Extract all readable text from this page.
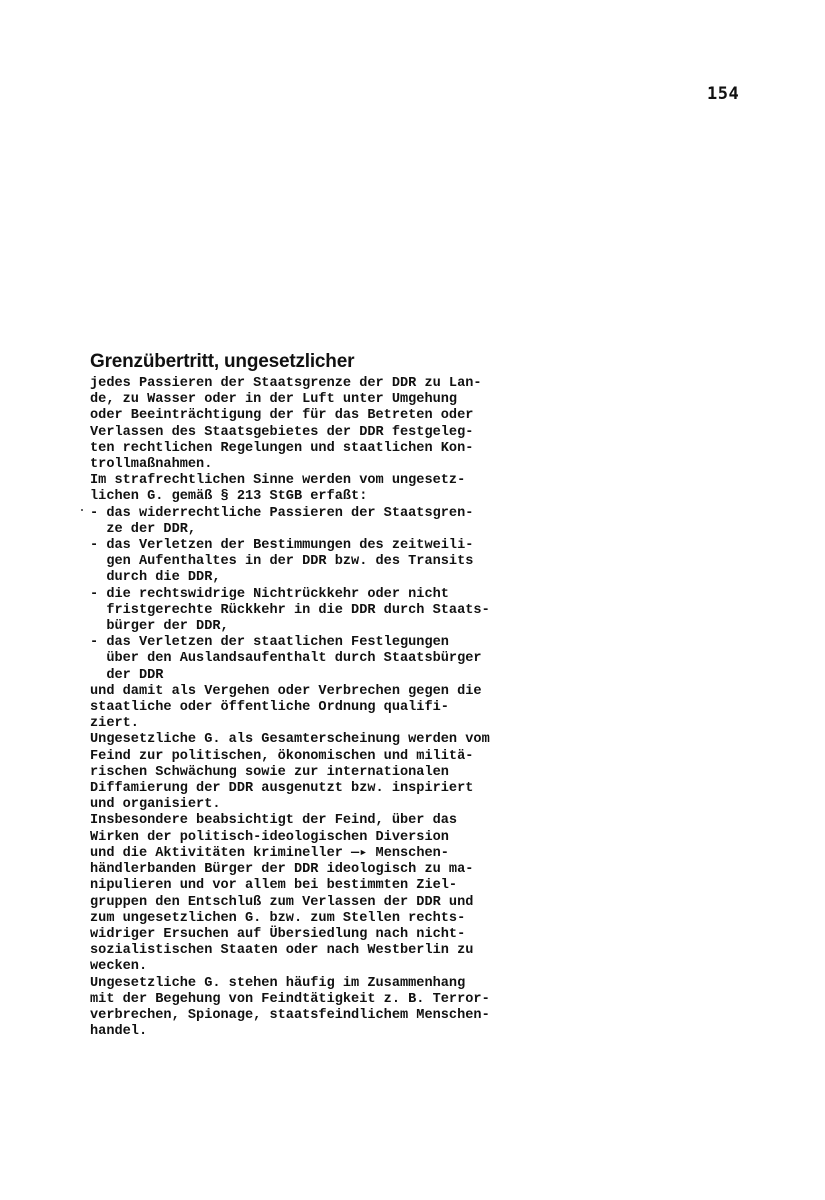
154
Grenzübertritt, ungesetzlicher
jedes Passieren der Staatsgrenze der DDR zu Lan-
de, zu Wasser oder in der Luft unter Umgehung
oder Beeinträchtigung der für das Betreten oder
Verlassen des Staatsgebietes der DDR festgeleg-
ten rechtlichen Regelungen und staatlichen Kon-
trollmaßnahmen.
Im strafrechtlichen Sinne werden vom ungesetz-
lichen G. gemäß § 213 StGB erfaßt:
- das widerrechtliche Passieren der Staatsgren-
ze der DDR,
- das Verletzen der Bestimmungen des zeitweili-
gen Aufenthaltes in der DDR bzw. des Transits
durch die DDR,
- die rechtswidrige Nichtrückkehr oder nicht
fristgerechte Rückkehr in die DDR durch Staats-
bürger der DDR,
- das Verletzen der staatlichen Festlegungen
über den Auslandsaufenthalt durch Staatsbürger
der DDR
und damit als Vergehen oder Verbrechen gegen die
staatliche oder öffentliche Ordnung qualifi-
ziert.
Ungesetzliche G. als Gesamterscheinung werden vom
Feind zur politischen, ökonomischen und militä-
rischen Schwächung sowie zur internationalen
Diffamierung der DDR ausgenutzt bzw. inspiriert
und organisiert.
Insbesondere beabsichtigt der Feind, über das
Wirken der politisch-ideologischen Diversion
und die Aktivitäten krimineller —▸ Menschen-
händlerbanden Bürger der DDR ideologisch zu ma-
nipulieren und vor allem bei bestimmten Ziel-
gruppen den Entschluß zum Verlassen der DDR und
zum ungesetzlichen G. bzw. zum Stellen rechts-
widriger Ersuchen auf Übersiedlung nach nicht-
sozialistischen Staaten oder nach Westberlin zu
wecken.
Ungesetzliche G. stehen häufig im Zusammenhang
mit der Begehung von Feindtätigkeit z. B. Terror-
verbrechen, Spionage, staatsfeindlichem Menschen-
handel.
